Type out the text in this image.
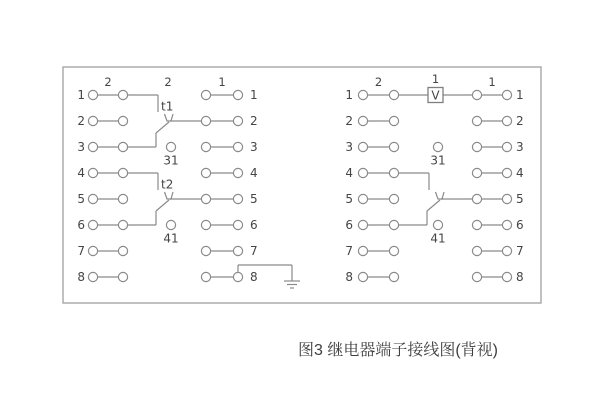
1
2
3
4
5
6
7
8
1
2
3
4
5
6
7
8
2	1
t1
2
t2
31
41
1
2
3
4
5
6
7
8
1
2
3
4
5
6
7
8
2	1
31
41
V
1
图3 继电器端子接线图(背视)
